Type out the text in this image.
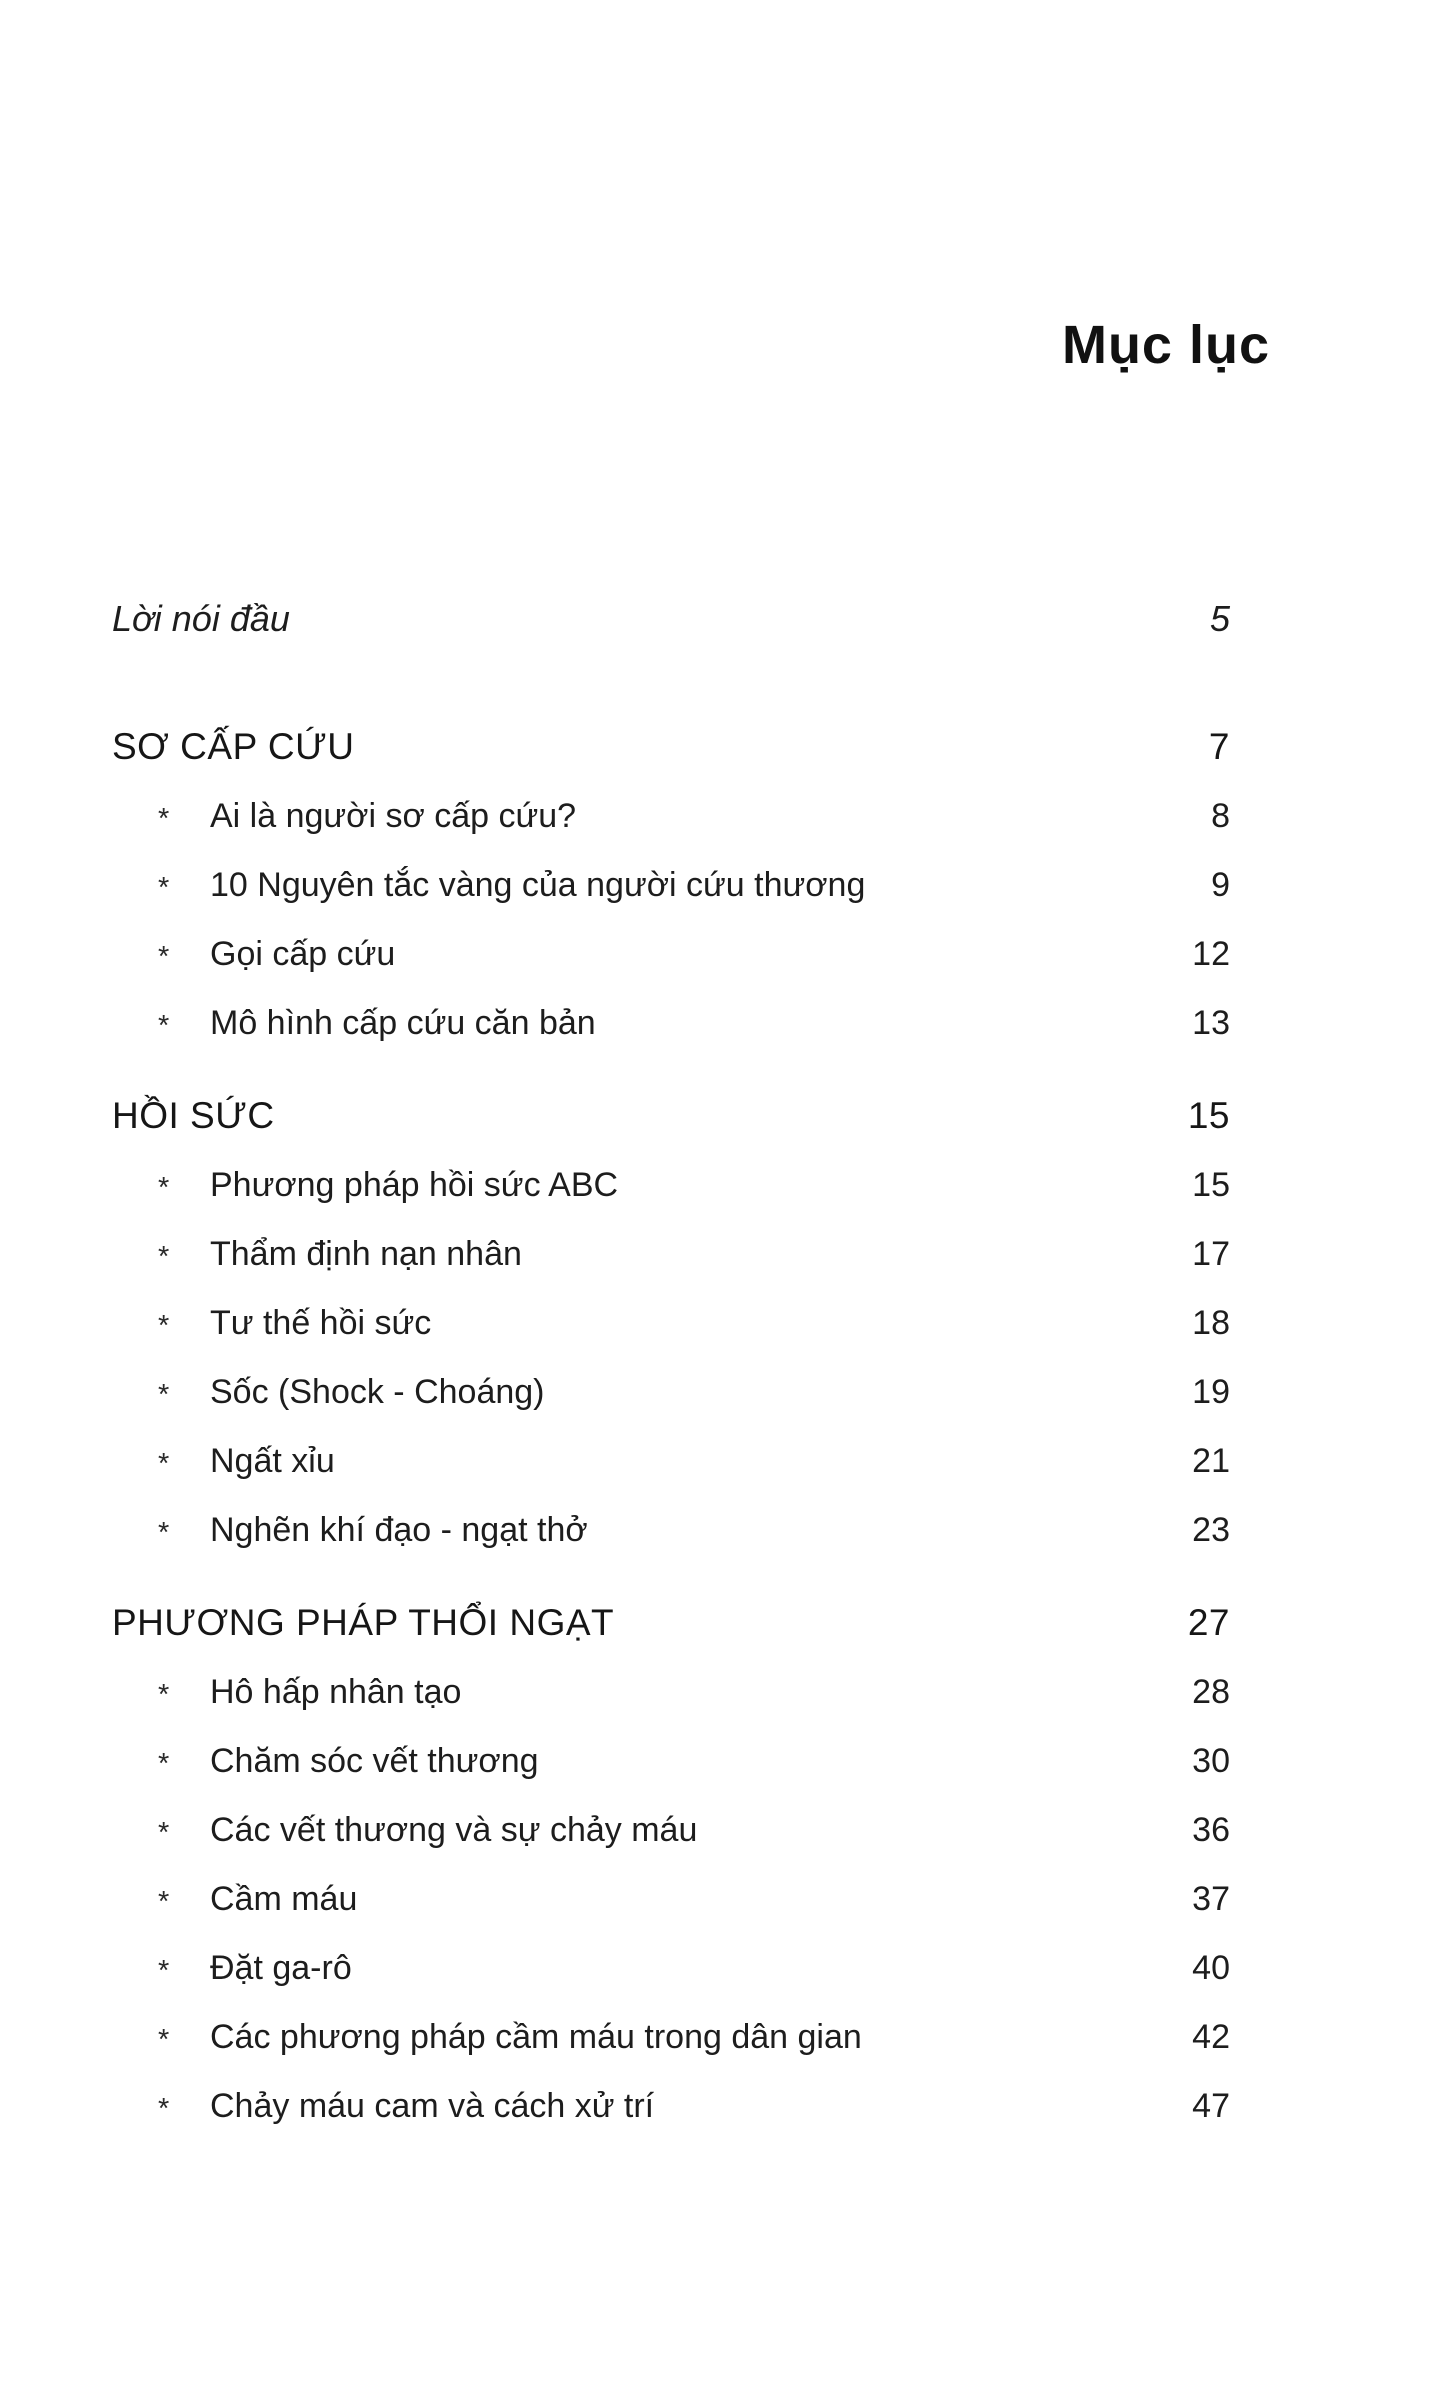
Mục lục
Lời nói đầu	5
SƠ CẤP CỨU	7
*	Ai là người sơ cấp cứu?	8
*	10 Nguyên tắc vàng của người cứu thương	9
*	Gọi cấp cứu	12
*	Mô hình cấp cứu căn bản	13
HỒI SỨC	15
*	Phương pháp hồi sức ABC	15
*	Thẩm định nạn nhân	17
*	Tư thế hồi sức	18
*	Sốc (Shock - Choáng)	19
*	Ngất xỉu	21
*	Nghẽn khí đạo - ngạt thở	23
PHƯƠNG PHÁP THỔI NGẠT	27
*	Hô hấp nhân tạo	28
*	Chăm sóc vết thương	30
*	Các vết thương và sự chảy máu	36
*	Cầm máu	37
*	Đặt ga-rô	40
*	Các phương pháp cầm máu trong dân gian	42
*	Chảy máu cam và cách xử trí	47
